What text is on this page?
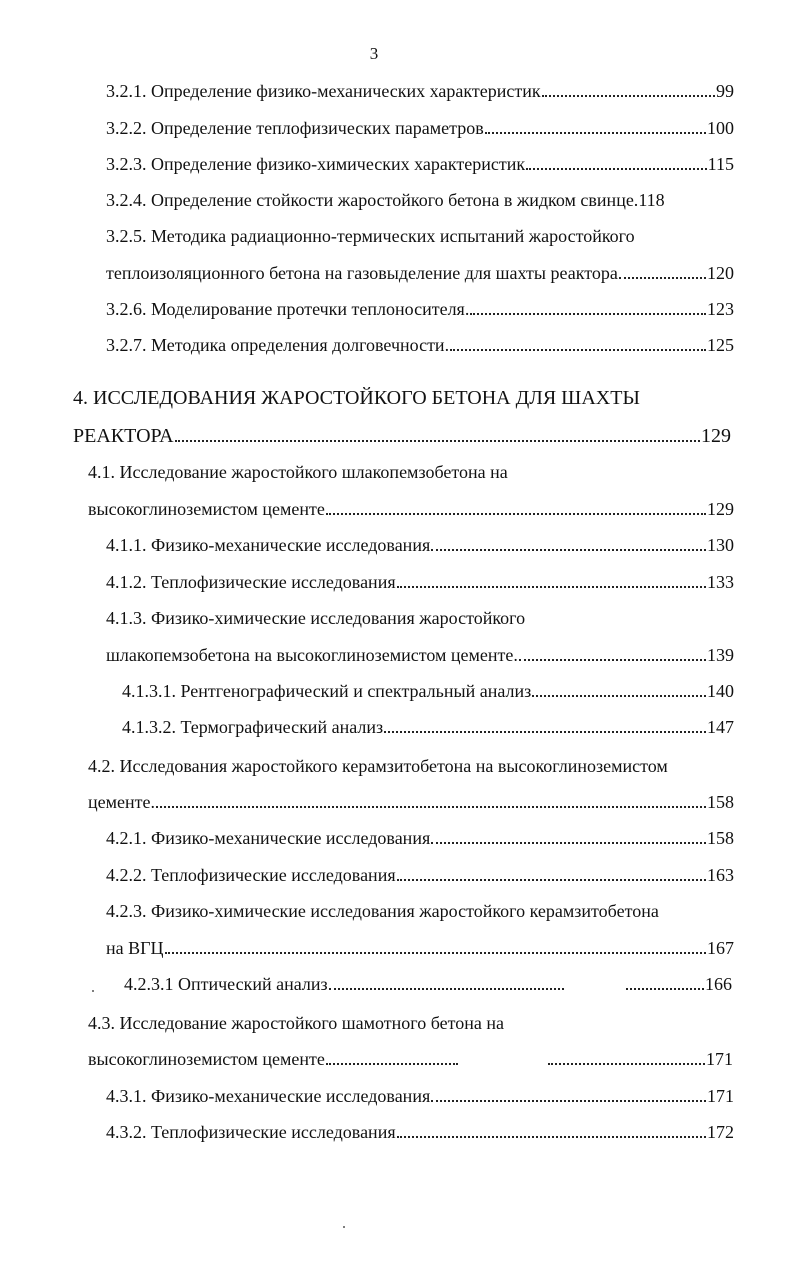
3
3.2.1. Определение физико-механических характеристик	99
3.2.2. Определение теплофизических параметров	100
3.2.3. Определение физико-химических характеристик	115
3.2.4. Определение стойкости жаростойкого бетона в жидком свинце. 118
3.2.5. Методика радиационно-термических испытаний жаростойкого
теплоизоляционного бетона на газовыделение для шахты реактора	120
3.2.6. Моделирование протечки теплоносителя.	123
3.2.7. Методика определения долговечности.	125
4. ИССЛЕДОВАНИЯ ЖАРОСТОЙКОГО БЕТОНА ДЛЯ ШАХТЫ
РЕАКТОРА	129
4.1. Исследование жаростойкого шлакопемзобетона на
высокоглиноземистом цементе	129
4.1.1. Физико-механические исследования	130
4.1.2. Теплофизические исследования	133
4.1.3. Физико-химические исследования жаростойкого
шлакопемзобетона на высокоглиноземистом цементе.	139
4.1.3.1. Рентгенографический и спектральный анализ	140
4.1.3.2. Термографический анализ	147
4.2. Исследования жаростойкого керамзитобетона на высокоглиноземистом
цементе.	158
4.2.1. Физико-механические исследования	158
4.2.2. Теплофизические исследования	163
4.2.3. Физико-химические исследования жаростойкого керамзитобетона
на ВГЦ	167
4.2.3.1 Оптический анализ	166
4.3. Исследование жаростойкого шамотного бетона на
высокоглиноземистом цементе	171
4.3.1. Физико-механические исследования	171
4.3.2. Теплофизические исследования	172
